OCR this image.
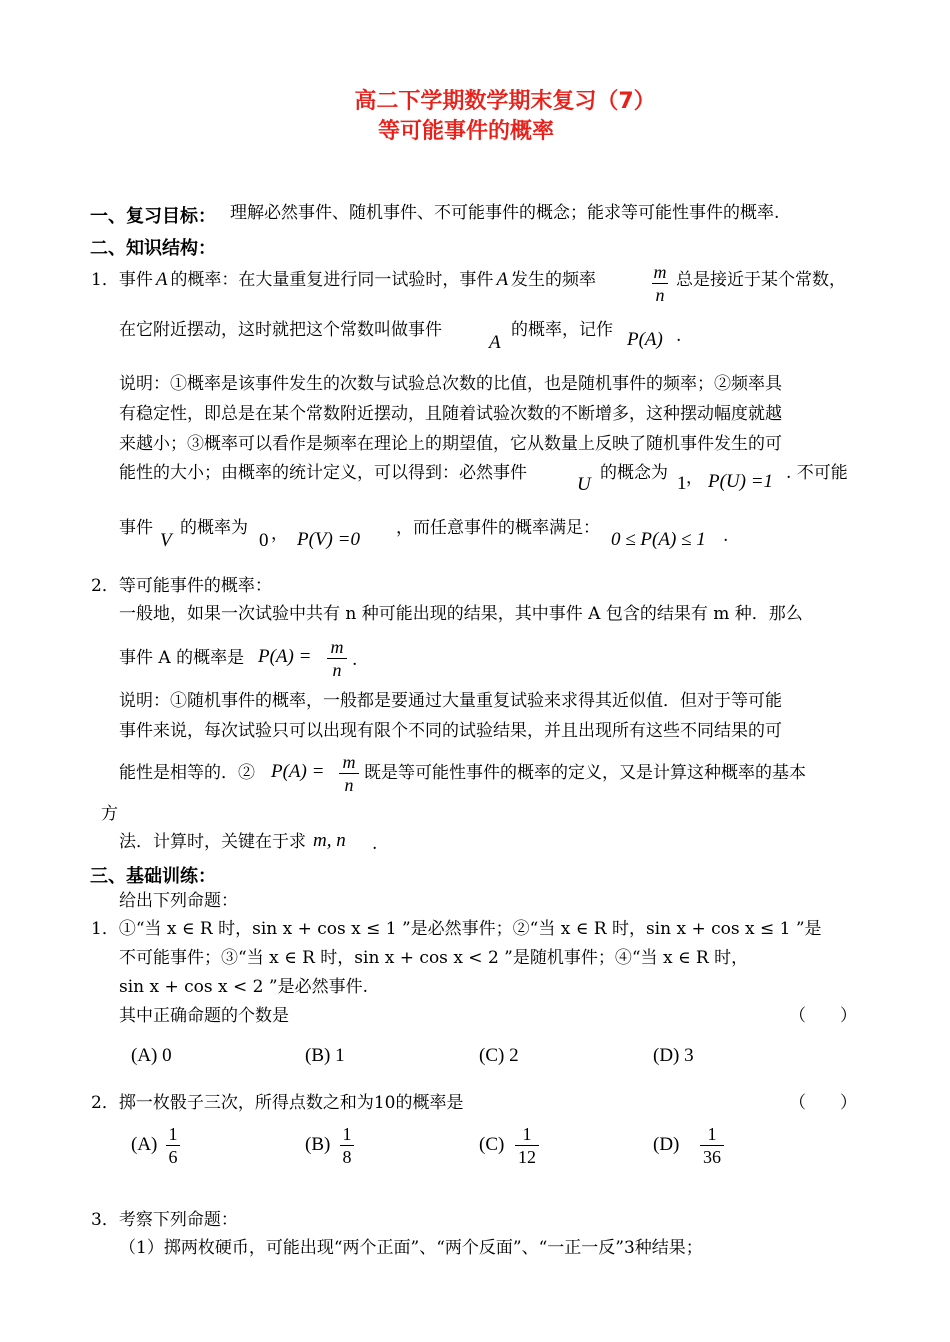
高二下学期数学期末复习（7）
等可能事件的概率
一、复习目标： 理解必然事件、随机事件、不可能事件的概念；能求等可能性事件的概率.
二、知识结构：
1．事件 A 的概率：在大量重复进行同一试验时，事件 A 发生的频率	m
n
总是接近于某个常数，
在它附近摆动，这时就把这个常数叫做事件
A
的概率，记作 P(A) .
说明：①概率是该事件发生的次数与试验总次数的比值，也是随机事件的频率；②频率具
有稳定性，即总是在某个常数附近摆动，且随着试验次数的不断增多，这种摆动幅度就越
来越小；③概率可以看作是频率在理论上的期望值，它从数量上反映了随机事件发生的可
能性的大小；由概率的统计定义，可以得到：必然事件
U
的概念为 1 ， P(U) =1 . 不可能
事件
V
的概率为
0 ， P(V) =0
，而任意事件的概率满足：
0 ≤ P(A) ≤ 1 .
2．等可能事件的概率：
一般地，如果一次试验中共有 n 种可能出现的结果，其中事件 A 包含的结果有 m 种．那么
事件 A 的概率是 P(A) = m
n .
说明：①随机事件的概率，一般都是要通过大量重复试验来求得其近似值．但对于等可能
事件来说，每次试验只可以出现有限个不同的试验结果，并且出现所有这些不同结果的可
能性是相等的．② P(A) = m
n
既是等可能性事件的概率的定义，又是计算这种概率的基本
方
法．计算时，关键在于求 m, n .
三、基础训练：
给出下列命题：
1．①“当 x ∈ R 时，sin x + cos x ≤ 1 ”是必然事件；②“当 x ∈ R 时，sin x + cos x ≤ 1 ”是
不可能事件；③“当 x ∈ R 时，sin x + cos x < 2 ”是随机事件；④“当 x ∈ R 时，
sin x + cos x < 2 ”是必然事件.
其中正确命题的个数是	（　　）
(A) 0	(B) 1	(C) 2	(D) 3
2．掷一枚骰子三次，所得点数之和为10的概率是	（　　）
(A) 1
6
(B) 1
8
(C)	1
12
(D)	1
36
3．考察下列命题：
（1）掷两枚硬币，可能出现“两个正面”、“两个反面”、“一正一反”3种结果；
